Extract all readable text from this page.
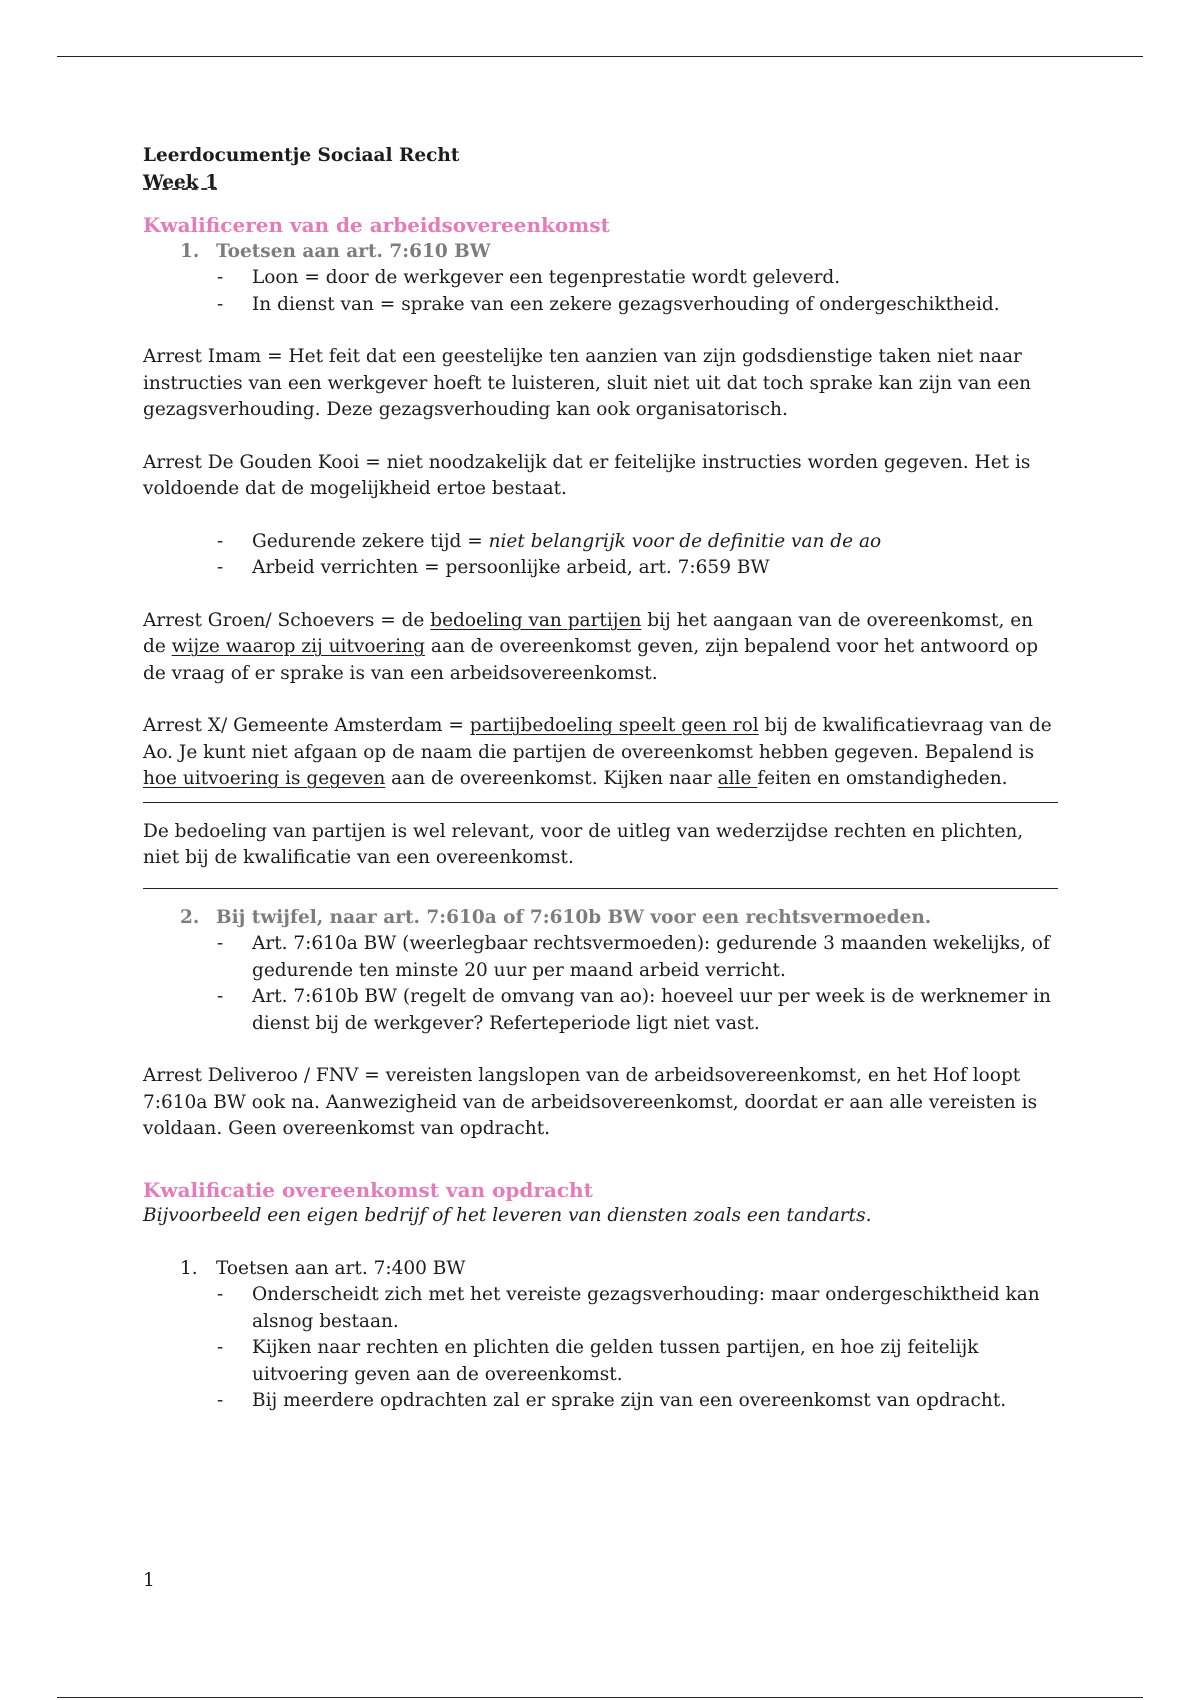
Leerdocumentje Sociaal Recht

Week 1

Kwalificeren van de arbeidsovereenkomst

1. Toetsen aan art. 7:610 BW

- Loon = door de werkgever een tegenprestatie wordt geleverd.
- In dienst van = sprake van een zekere gezagsverhouding of ondergeschiktheid.

Arrest Imam = Het feit dat een geestelijke ten aanzien van zijn godsdienstige taken niet naar instructies van een werkgever hoeft te luisteren, sluit niet uit dat toch sprake kan zijn van een gezagsverhouding. Deze gezagsverhouding kan ook organisatorisch.

Arrest De Gouden Kooi = niet noodzakelijk dat er feitelijke instructies worden gegeven. Het is voldoende dat de mogelijkheid ertoe bestaat.

- Gedurende zekere tijd = niet belangrijk voor de definitie van de ao
- Arbeid verrichten = persoonlijke arbeid, art. 7:659 BW

Arrest Groen/ Schoevers = de bedoeling van partijen bij het aangaan van de overeenkomst, en de wijze waarop zij uitvoering aan de overeenkomst geven, zijn bepalend voor het antwoord op de vraag of er sprake is van een arbeidsovereenkomst.

Arrest X/ Gemeente Amsterdam = partijbedoeling speelt geen rol bij de kwalificatievraag van de Ao. Je kunt niet afgaan op de naam die partijen de overeenkomst hebben gegeven. Bepalend is hoe uitvoering is gegeven aan de overeenkomst. Kijken naar alle feiten en omstandigheden.

De bedoeling van partijen is wel relevant, voor de uitleg van wederzijdse rechten en plichten, niet bij de kwalificatie van een overeenkomst.

2. Bij twijfel, naar art. 7:610a of 7:610b BW voor een rechtsvermoeden.

- Art. 7:610a BW (weerlegbaar rechtsvermoeden): gedurende 3 maanden wekelijks, of gedurende ten minste 20 uur per maand arbeid verricht.
- Art. 7:610b BW (regelt de omvang van ao): hoeveel uur per week is de werknemer in dienst bij de werkgever? Referteperiode ligt niet vast.

Arrest Deliveroo / FNV = vereisten langslopen van de arbeidsovereenkomst, en het Hof loopt 7:610a BW ook na. Aanwezigheid van de arbeidsovereenkomst, doordat er aan alle vereisten is voldaan. Geen overeenkomst van opdracht.

Kwalificatie overeenkomst van opdracht

Bijvoorbeeld een eigen bedrijf of het leveren van diensten zoals een tandarts.

1. Toetsen aan art. 7:400 BW

- Onderscheidt zich met het vereiste gezagsverhouding: maar ondergeschiktheid kan alsnog bestaan.
- Kijken naar rechten en plichten die gelden tussen partijen, en hoe zij feitelijk uitvoering geven aan de overeenkomst.
- Bij meerdere opdrachten zal er sprake zijn van een overeenkomst van opdracht.
1
